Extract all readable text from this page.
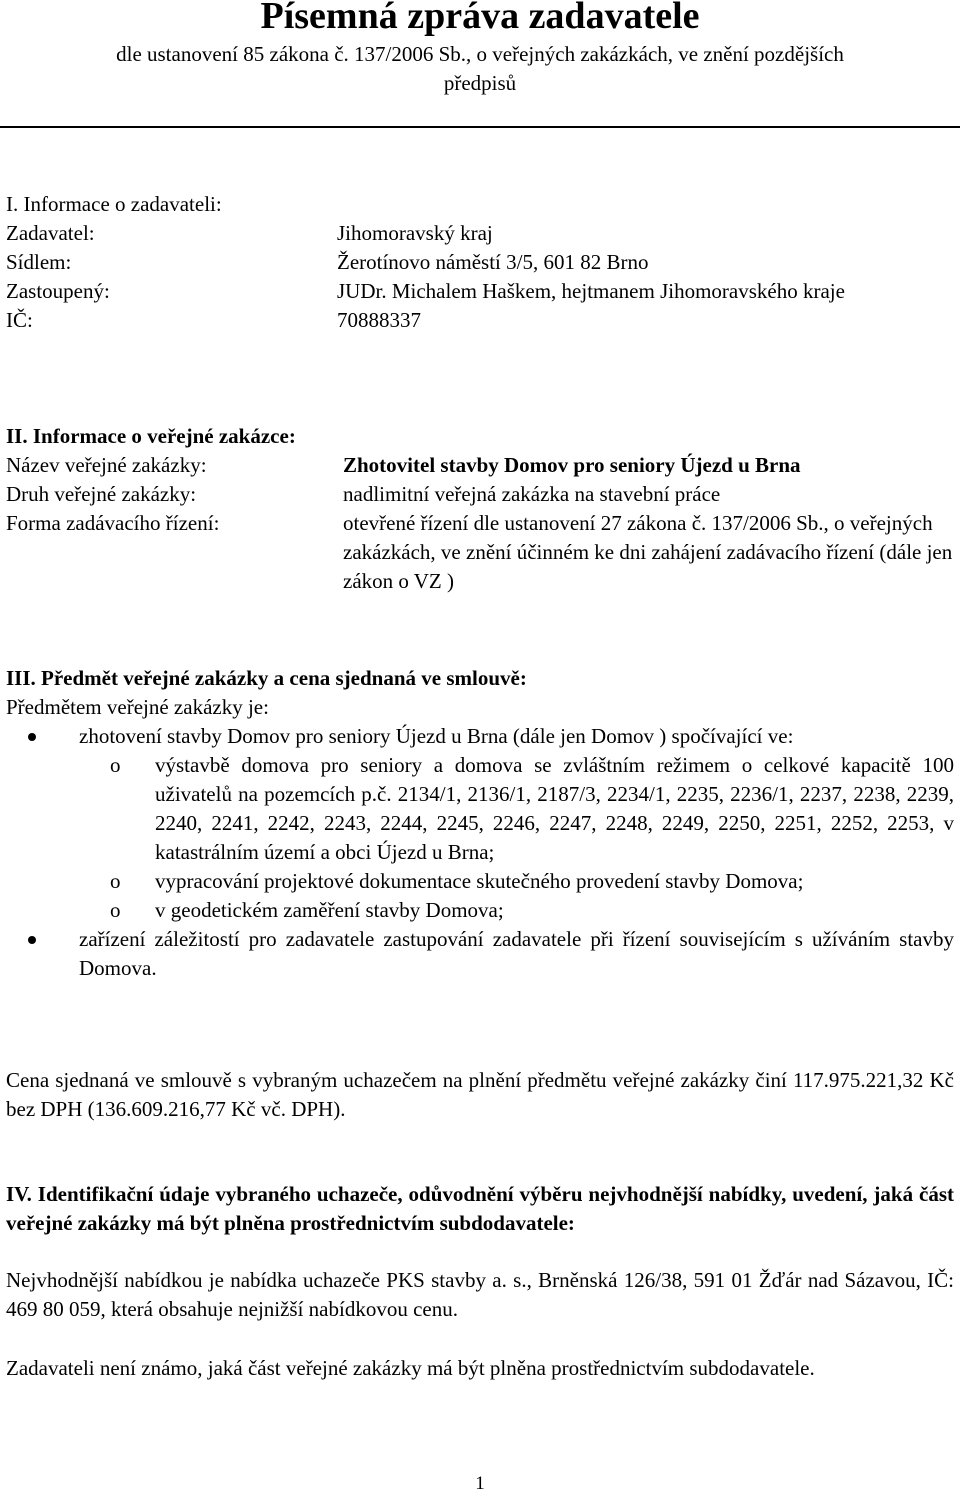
Písemná zpráva zadavatele
dle ustanovení 85 zákona č. 137/2006 Sb., o veřejných zakázkách, ve znění pozdějších předpisů
I. Informace o zadavateli:
Zadavatel:	Jihomoravský kraj
Sídlem:	Žerotínovo náměstí 3/5, 601 82 Brno
Zastoupený:	JUDr. Michalem Haškem, hejtmanem Jihomoravského kraje
IČ:	70888337
II. Informace o veřejné zakázce:
Název veřejné zakázky:	Zhotovitel stavby Domov pro seniory Újezd u Brna
Druh veřejné zakázky:	nadlimitní veřejná zakázka na stavební práce
Forma zadávacího řízení:	otevřené řízení dle ustanovení 27 zákona č. 137/2006 Sb., o veřejných zakázkách, ve znění účinném ke dni zahájení zadávacího řízení (dále jen zákon o VZ )
III. Předmět veřejné zakázky a cena sjednaná ve smlouvě:
Předmětem veřejné zakázky je:
zhotovení stavby Domov pro seniory Újezd u Brna (dále jen Domov ) spočívající ve:
o výstavbě domova pro seniory a domova se zvláštním režimem o celkové kapacitě 100 uživatelů na pozemcích p.č. 2134/1, 2136/1, 2187/3, 2234/1, 2235, 2236/1, 2237, 2238, 2239, 2240, 2241, 2242, 2243, 2244, 2245, 2246, 2247, 2248, 2249, 2250, 2251, 2252, 2253, v katastrálním území a obci Újezd u Brna;
o vypracování projektové dokumentace skutečného provedení stavby Domova;
o v geodetickém zaměření stavby Domova;
zařízení záležitostí pro zadavatele zastupování zadavatele při řízení souvisejícím s užíváním stavby Domova.
Cena sjednaná ve smlouvě s vybraným uchazečem na plnění předmětu veřejné zakázky činí 117.975.221,32 Kč bez DPH (136.609.216,77 Kč vč. DPH).
IV. Identifikační údaje vybraného uchazeče, odůvodnění výběru nejvhodnější nabídky, uvedení, jaká část veřejné zakázky má být plněna prostřednictvím subdodavatele:
Nejvhodnější nabídkou je nabídka uchazeče PKS stavby a. s., Brněnská 126/38, 591 01 Žďár nad Sázavou, IČ: 469 80 059, která obsahuje nejnižší nabídkovou cenu.
Zadavateli není známo, jaká část veřejné zakázky má být plněna prostřednictvím subdodavatele.
1
